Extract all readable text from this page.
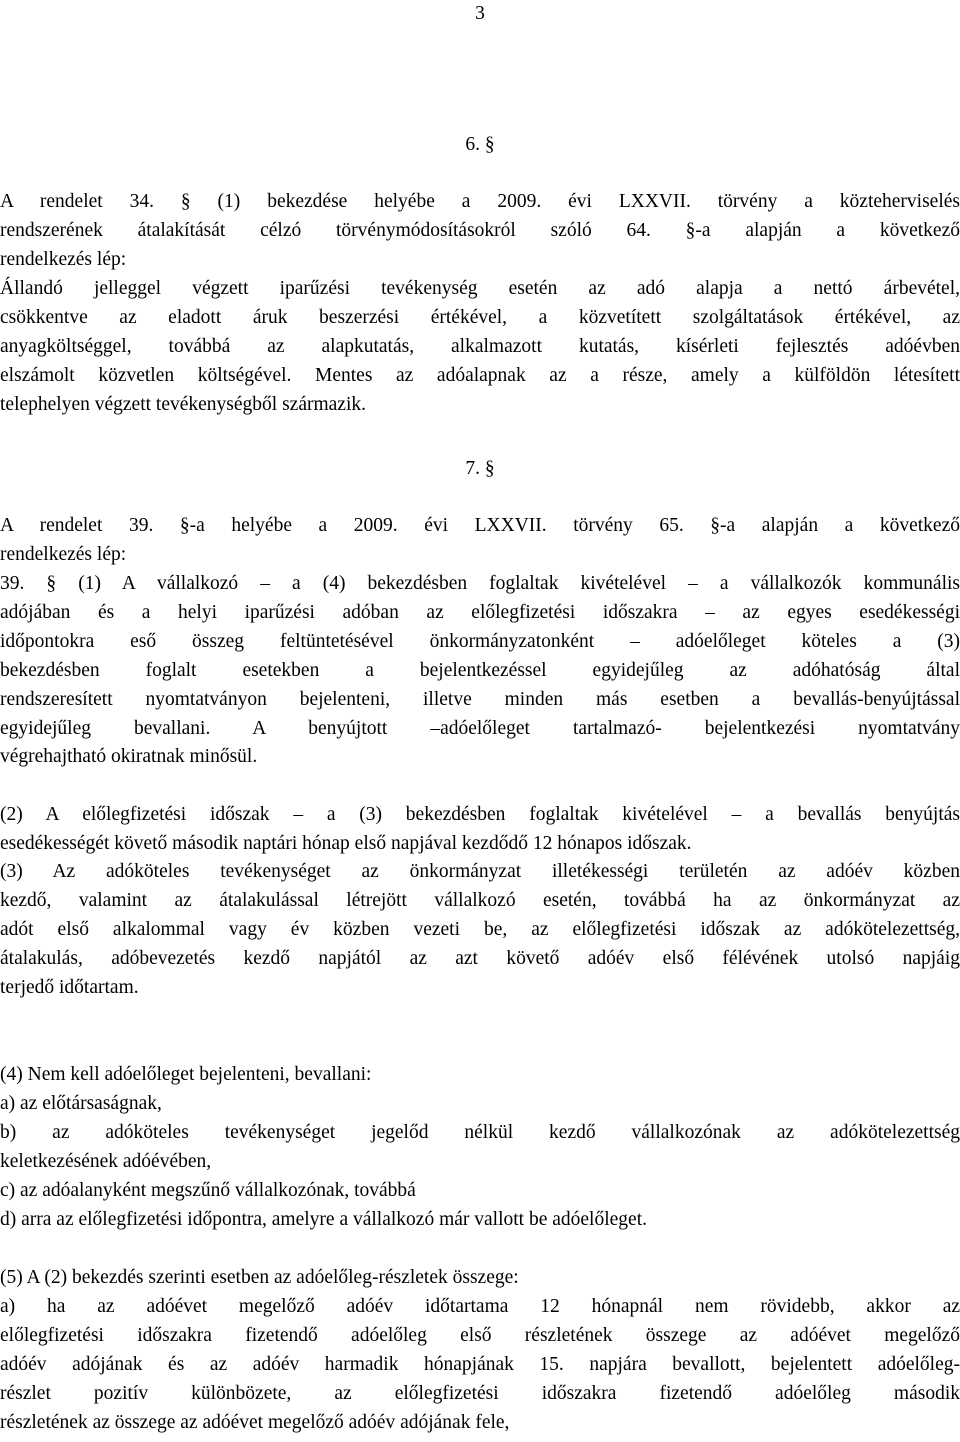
3
6. §
A rendelet 34. § (1) bekezdése helyébe a 2009. évi LXXVII. törvény a közteherviselés
rendszerének átalakítását célzó törvénymódosításokról szóló 64. §-a alapján a következő
rendelkezés lép:
Állandó jelleggel végzett iparűzési tevékenység esetén az adó alapja a nettó árbevétel,
csökkentve az eladott áruk beszerzési értékével, a közvetített szolgáltatások értékével, az
anyagköltséggel, továbbá az alapkutatás, alkalmazott kutatás, kísérleti fejlesztés adóévben
elszámolt közvetlen költségével. Mentes az adóalapnak az a része, amely a külföldön létesített
telephelyen végzett tevékenységből származik.
7. §
A rendelet 39. §-a helyébe a 2009. évi LXXVII. törvény 65. §-a alapján a következő
rendelkezés lép:
39. § (1) A vállalkozó – a (4) bekezdésben foglaltak kivételével – a vállalkozók kommunális
adójában és a helyi iparűzési adóban az előlegfizetési időszakra – az egyes esedékességi
időpontokra eső összeg feltüntetésével önkormányzatonként – adóelőleget köteles a (3)
bekezdésben foglalt esetekben a bejelentkezéssel egyidejűleg az adóhatóság által
rendszeresített nyomtatványon bejelenteni, illetve minden más esetben a bevallás-benyújtással
egyidejűleg bevallani. A benyújtott –adóelőleget tartalmazó- bejelentkezési nyomtatvány
végrehajtható okiratnak minősül.
(2) A előlegfizetési időszak – a (3) bekezdésben foglaltak kivételével – a bevallás benyújtás
esedékességét követő második naptári hónap első napjával kezdődő 12 hónapos időszak.
(3) Az adóköteles tevékenységet az önkormányzat illetékességi területén az adóév közben
kezdő, valamint az átalakulással létrejött vállalkozó esetén, továbbá ha az önkormányzat az
adót első alkalommal vagy év közben vezeti be, az előlegfizetési időszak az adókötelezettség,
átalakulás, adóbevezetés kezdő napjától az azt követő adóév első félévének utolsó napjáig
terjedő időtartam.
(4) Nem kell adóelőleget bejelenteni, bevallani:
a) az előtársaságnak,
b) az adóköteles tevékenységet jegelőd nélkül kezdő vállalkozónak az adókötelezettség
keletkezésének adóévében,
c) az adóalanyként megszűnő vállalkozónak, továbbá
d) arra az előlegfizetési időpontra, amelyre a vállalkozó már vallott be adóelőleget.
(5) A (2) bekezdés szerinti esetben az adóelőleg-részletek összege:
a) ha az adóévet megelőző adóév időtartama 12 hónapnál nem rövidebb, akkor az
előlegfizetési időszakra fizetendő adóelőleg első részletének összege az adóévet megelőző
adóév adójának és az adóév harmadik hónapjának 15. napjára bevallott, bejelentett adóelőleg-
részlet pozitív különbözete, az előlegfizetési időszakra fizetendő adóelőleg második
részletének az összege az adóévet megelőző adóév adójának fele,
